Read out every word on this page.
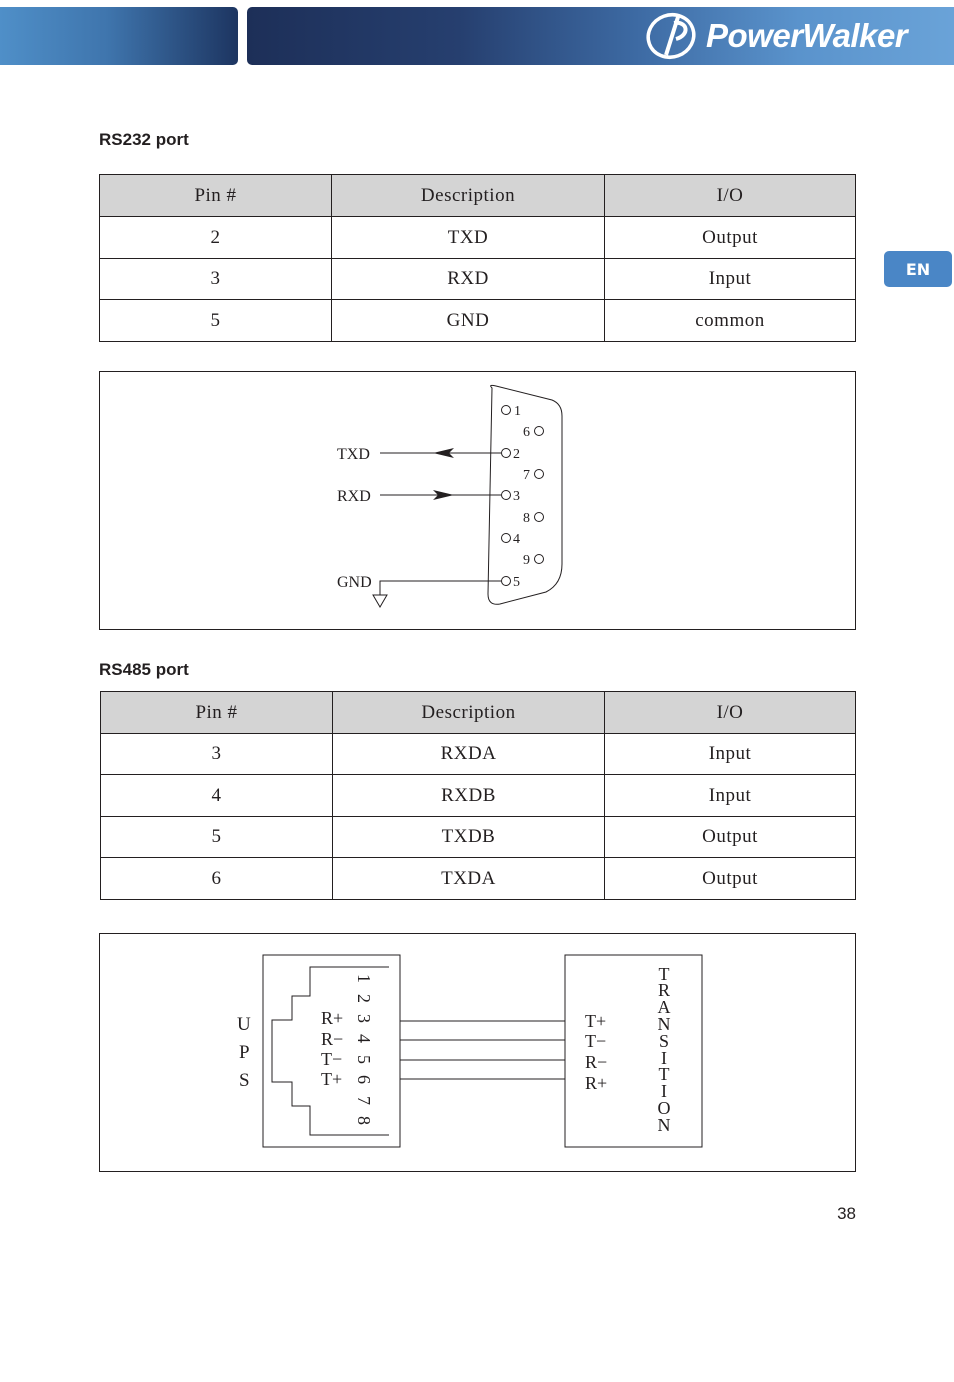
PowerWalker
EN
RS232 port
Pin #	Description	I/O
2	TXD	Output
3	RXD	Input
5	GND	common
1
6
2
7
3
8
4
9
5
TXD
RXD
GND
RS485 port
Pin #	Description	I/O
3	RXDA	Input
4	RXDB	Input
5	TXDB	Output
6	TXDA	Output
U
P
S
R+
R−
T−
T+
1
2
3
4
5
6
7
8
T+
T−
R−
R+
T
R
A
N
S
I
T
I
O
N
38
